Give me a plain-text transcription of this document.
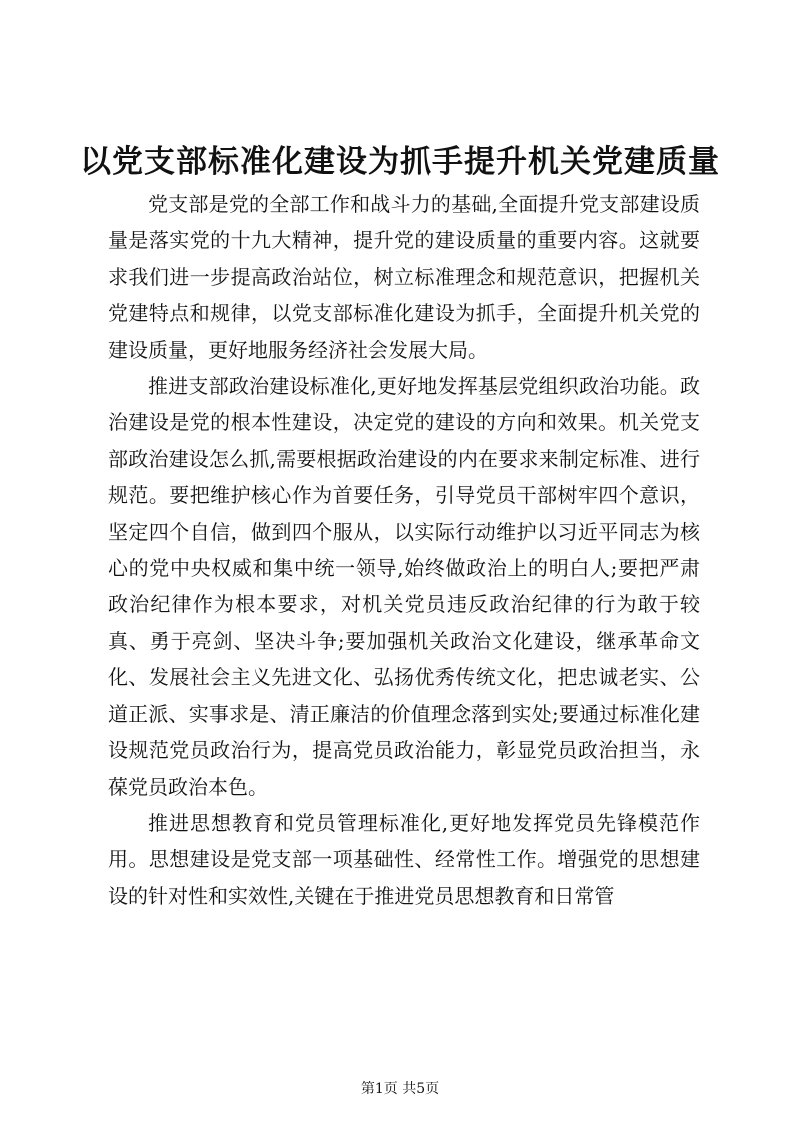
以党支部标准化建设为抓手提升机关党建质量

党支部是党的全部工作和战斗力的基础,全面提升党支部建设质量是落实党的十九大精神，提升党的建设质量的重要内容。这就要求我们进一步提高政治站位，树立标准理念和规范意识，把握机关党建特点和规律，以党支部标准化建设为抓手，全面提升机关党的建设质量，更好地服务经济社会发展大局。

推进支部政治建设标准化,更好地发挥基层党组织政治功能。政治建设是党的根本性建设，决定党的建设的方向和效果。机关党支部政治建设怎么抓,需要根据政治建设的内在要求来制定标准、进行规范。要把维护核心作为首要任务，引导党员干部树牢四个意识，坚定四个自信，做到四个服从，以实际行动维护以习近平同志为核心的党中央权威和集中统一领导,始终做政治上的明白人;要把严肃政治纪律作为根本要求，对机关党员违反政治纪律的行为敢于较真、勇于亮剑、坚决斗争;要加强机关政治文化建设，继承革命文化、发展社会主义先进文化、弘扬优秀传统文化，把忠诚老实、公道正派、实事求是、清正廉洁的价值理念落到实处;要通过标准化建设规范党员政治行为，提高党员政治能力，彰显党员政治担当，永葆党员政治本色。

推进思想教育和党员管理标准化,更好地发挥党员先锋模范作用。思想建设是党支部一项基础性、经常性工作。增强党的思想建设的针对性和实效性,关键在于推进党员思想教育和日常管

第1页 共5页
